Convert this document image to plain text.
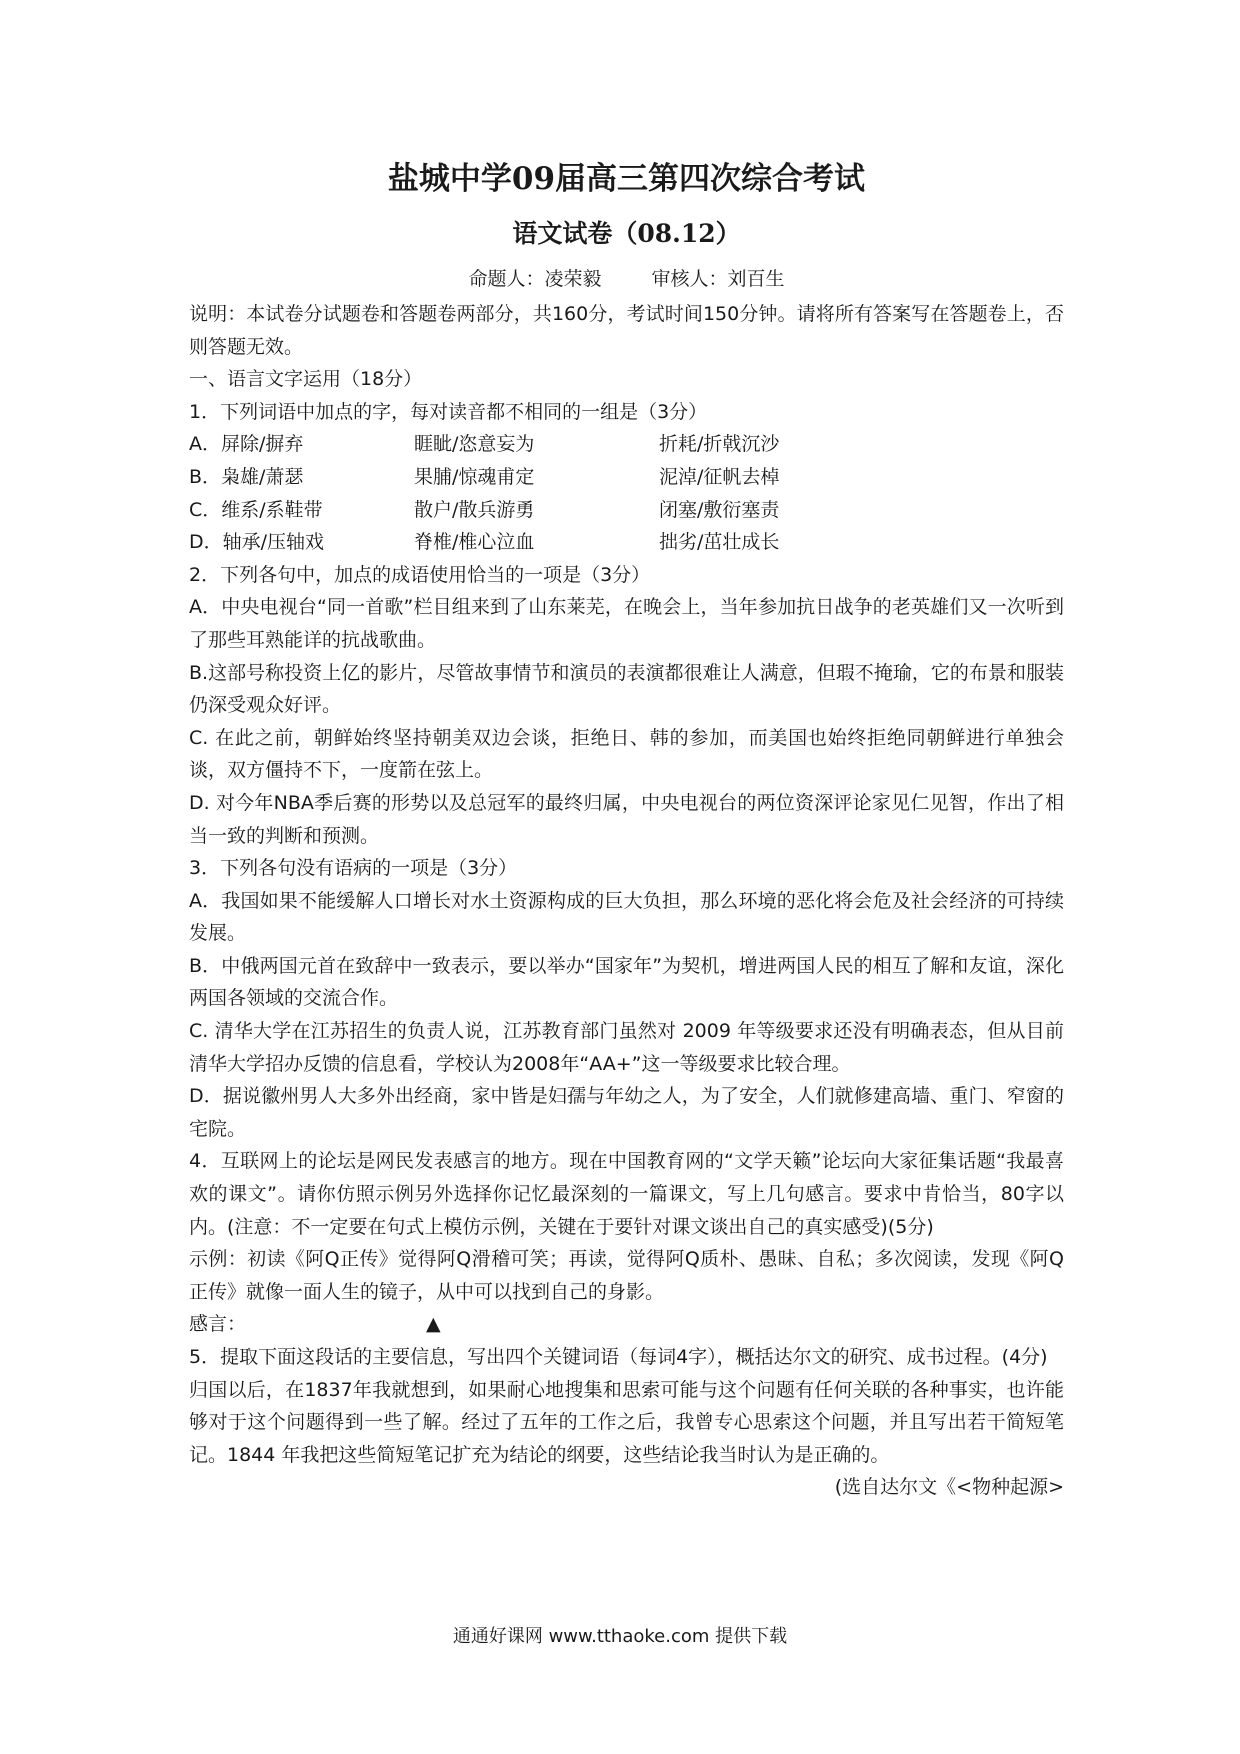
盐城中学09届高三第四次综合考试
语文试卷（08.12）

命题人：凌荣毅	审核人：刘百生

说明：本试卷分试题卷和答题卷两部分，共160分，考试时间150分钟。请将所有答案写在答题卷上，否则答题无效。

一、语言文字运用（18分）

1．下列词语中加点的字，每对读音都不相同的一组是（3分）

A．屏除/摒弃	睚眦/恣意妄为	折耗/折戟沉沙
B．枭雄/萧瑟	果脯/惊魂甫定	泥淖/征帆去棹
C．维系/系鞋带	散户/散兵游勇	闭塞/敷衍塞责
D．轴承/压轴戏	脊椎/椎心泣血	拙劣/茁壮成长

2．下列各句中，加点的成语使用恰当的一项是（3分）

A．中央电视台“同一首歌”栏目组来到了山东莱芜，在晚会上，当年参加抗日战争的老英雄们又一次听到了那些耳熟能详的抗战歌曲。

B.这部号称投资上亿的影片，尽管故事情节和演员的表演都很难让人满意，但瑕不掩瑜，它的布景和服装仍深受观众好评。

C. 在此之前，朝鲜始终坚持朝美双边会谈，拒绝日、韩的参加，而美国也始终拒绝同朝鲜进行单独会谈，双方僵持不下，一度箭在弦上。

D. 对今年NBA季后赛的形势以及总冠军的最终归属，中央电视台的两位资深评论家见仁见智，作出了相当一致的判断和预测。

3．下列各句没有语病的一项是（3分）

A．我国如果不能缓解人口增长对水土资源构成的巨大负担，那么环境的恶化将会危及社会经济的可持续发展。

B．中俄两国元首在致辞中一致表示，要以举办“国家年”为契机，增进两国人民的相互了解和友谊，深化两国各领域的交流合作。

C. 清华大学在江苏招生的负责人说，江苏教育部门虽然对 2009 年等级要求还没有明确表态，但从目前清华大学招办反馈的信息看，学校认为2008年“AA+”这一等级要求比较合理。

D．据说徽州男人大多外出经商，家中皆是妇孺与年幼之人，为了安全，人们就修建高墙、重门、窄窗的宅院。

4．互联网上的论坛是网民发表感言的地方。现在中国教育网的“文学天籁”论坛向大家征集话题“我最喜欢的课文”。请你仿照示例另外选择你记忆最深刻的一篇课文，写上几句感言。要求中肯恰当，80字以内。(注意：不一定要在句式上模仿示例，关键在于要针对课文谈出自己的真实感受)(5分)

示例：初读《阿Q正传》觉得阿Q滑稽可笑；再读，觉得阿Q质朴、愚昧、自私；多次阅读，发现《阿Q正传》就像一面人生的镜子，从中可以找到自己的身影。

感言：	▲

5．提取下面这段话的主要信息，写出四个关键词语（每词4字），概括达尔文的研究、成书过程。(4分)

归国以后，在1837年我就想到，如果耐心地搜集和思索可能与这个问题有任何关联的各种事实，也许能够对于这个问题得到一些了解。经过了五年的工作之后，我曾专心思索这个问题，并且写出若干简短笔记。1844 年我把这些简短笔记扩充为结论的纲要，这些结论我当时认为是正确的。

(选自达尔文《<物种起源>

通通好课网 www.tthaoke.com 提供下载
